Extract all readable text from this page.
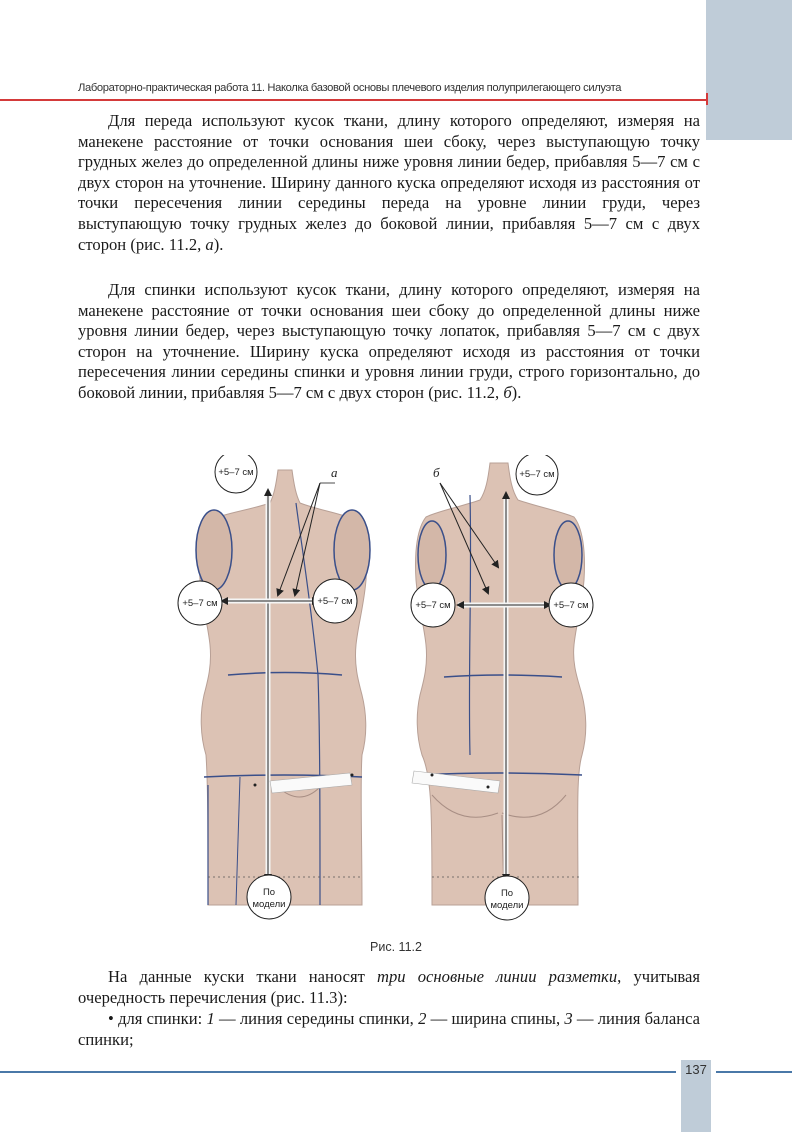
Лабораторно-практическая работа 11. Наколка базовой основы плечевого изделия полуприлегающего силуэта

Для переда используют кусок ткани, длину которого определяют, измеряя на манекене расстояние от точки основания шеи сбоку, через выступающую точку грудных желез до определенной длины ниже уровня линии бедер, прибавляя 5—7 см с двух сторон на уточнение. Ширину данного куска определяют исходя из расстояния от точки пересечения линии середины переда на уровне линии груди, через выступающую точку грудных желез до боковой линии, прибавляя 5—7 см с двух сторон (рис. 11.2, а).

Для спинки используют кусок ткани, длину которого определяют, измеряя на манекене расстояние от точки основания шеи сбоку до определенной длины ниже уровня линии бедер, через выступающую точку лопаток, прибавляя 5—7 см с двух сторон на уточнение. Ширину куска определяют исходя из расстояния от точки пересечения линии середины спинки и уровня линии груди, строго горизонтально, до боковой линии, прибавляя 5—7 см с двух сторон (рис. 11.2, б).

а	б
+5–7 см
+5–7 см	+5–7 см
+5–7 см
+5–7 см	+5–7 см
По
модели
По
модели
Рис. 11.2

На данные куски ткани наносят три основные линии разметки, учитывая очередность перечисления (рис. 11.3):

• для спинки: 1 — линия середины спинки, 2 — ширина спины, 3 — линия баланса спинки;

137
